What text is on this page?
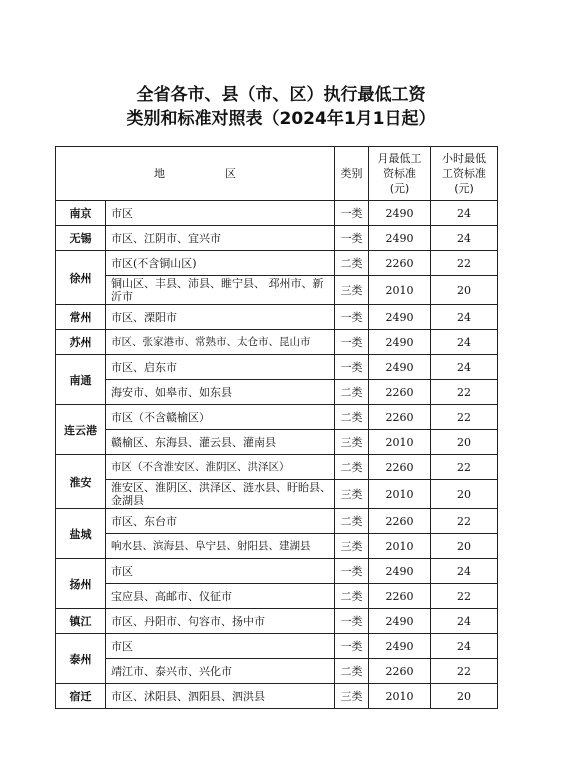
全省各市、县（市、区）执行最低工资
类别和标准对照表（2024年1月1日起）
地 区		类别	月最低工资标准(元)	小时最低工资标准(元)
南京	市区	一类	2490	24
无锡	市区、江阴市、宜兴市	一类	2490	24
徐州	市区(不含铜山区)	二类	2260	22
	铜山区、丰县、沛县、睢宁县、 邳州市、新沂市	三类	2010	20
常州	市区、溧阳市	一类	2490	24
苏州	市区、张家港市、常熟市、太仓市、昆山市	一类	2490	24
南通	市区、启东市	一类	2490	24
	海安市、如皋市、如东县	二类	2260	22
连云港	市区（不含赣榆区）	二类	2260	22
	赣榆区、东海县、灌云县、灌南县	三类	2010	20
淮安	市区（不含淮安区、淮阴区、洪泽区）	二类	2260	22
	淮安区、淮阴区、洪泽区、涟水县、盱眙县、金湖县	三类	2010	20
盐城	市区、东台市	二类	2260	22
	响水县、滨海县、阜宁县、射阳县、建湖县	三类	2010	20
扬州	市区	一类	2490	24
	宝应县、高邮市、仪征市	二类	2260	22
镇江	市区、丹阳市、句容市、扬中市	一类	2490	24
泰州	市区	一类	2490	24
	靖江市、泰兴市、兴化市	二类	2260	22
宿迁	市区、沭阳县、泗阳县、泗洪县	三类	2010	20
